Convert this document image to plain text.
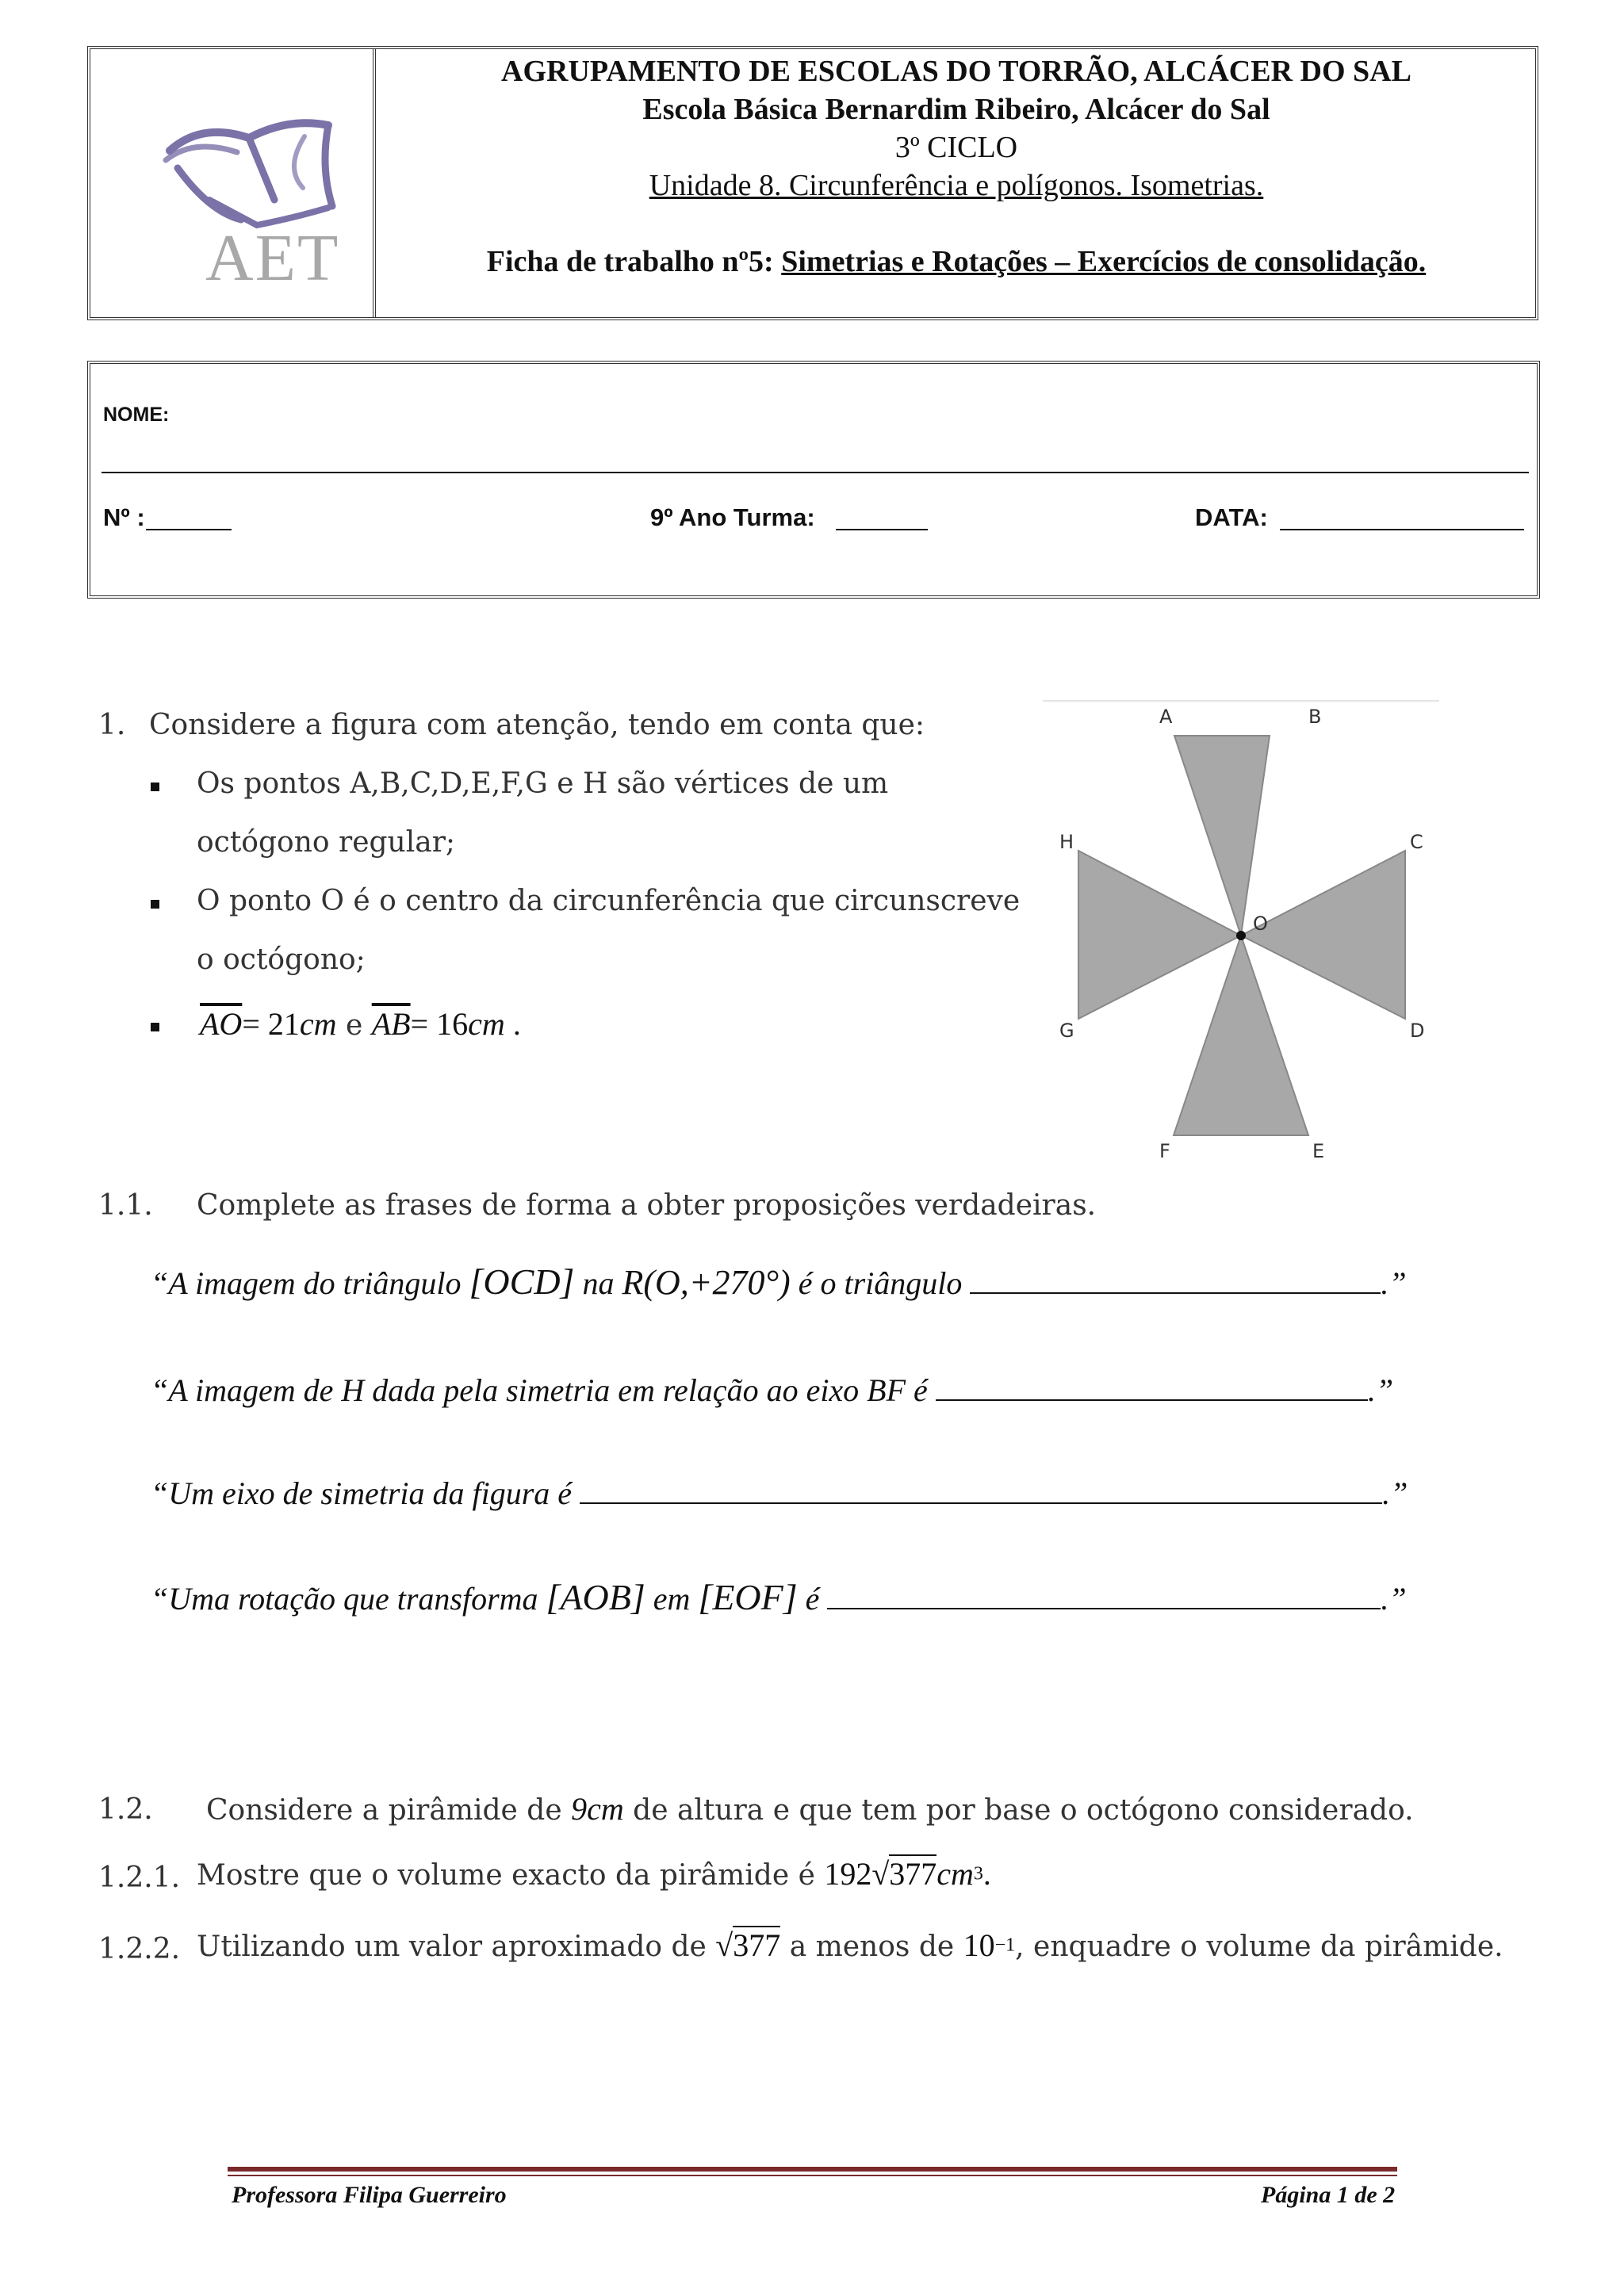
AET
AGRUPAMENTO DE ESCOLAS DO TORRÃO, ALCÁCER DO SAL
Escola Básica Bernardim Ribeiro, Alcácer do Sal
3º CICLO
Unidade 8. Circunferência e polígonos. Isometrias.
Ficha de trabalho nº5: Simetrias e Rotações – Exercícios de consolidação.
NOME:
Nº :	9º Ano Turma:	DATA:
1. Considere a figura com atenção, tendo em conta que:
Os pontos A,B,C,D,E,F,G e H são vértices de um
octógono regular;
O ponto O é o centro da circunferência que circunscreve
o octógono;
$\overline{AO}= 21cm$ e $\overline{AB}= 16cm$ .
A	B
C
D
E
F
G
H
O
1.1. Complete as frases de forma a obter proposições verdadeiras.
“A imagem do triângulo [OCD] na R(O,+270°) é o triângulo	.”
“A imagem de H dada pela simetria em relação ao eixo BF é	.”
“Um eixo de simetria da figura é	.”
“Uma rotação que transforma [AOB] em [EOF] é	.”
1.2. Considere a pirâmide de 9cm de altura e que tem por base o octógono considerado.
1.2.1. Mostre que o volume exacto da pirâmide é $192√377cm^3$.
1.2.2. Utilizando um valor aproximado de √377 a menos de $10^{-1}$, enquadre o volume da pirâmide.
Professora Filipa Guerreiro	Página 1 de 2
